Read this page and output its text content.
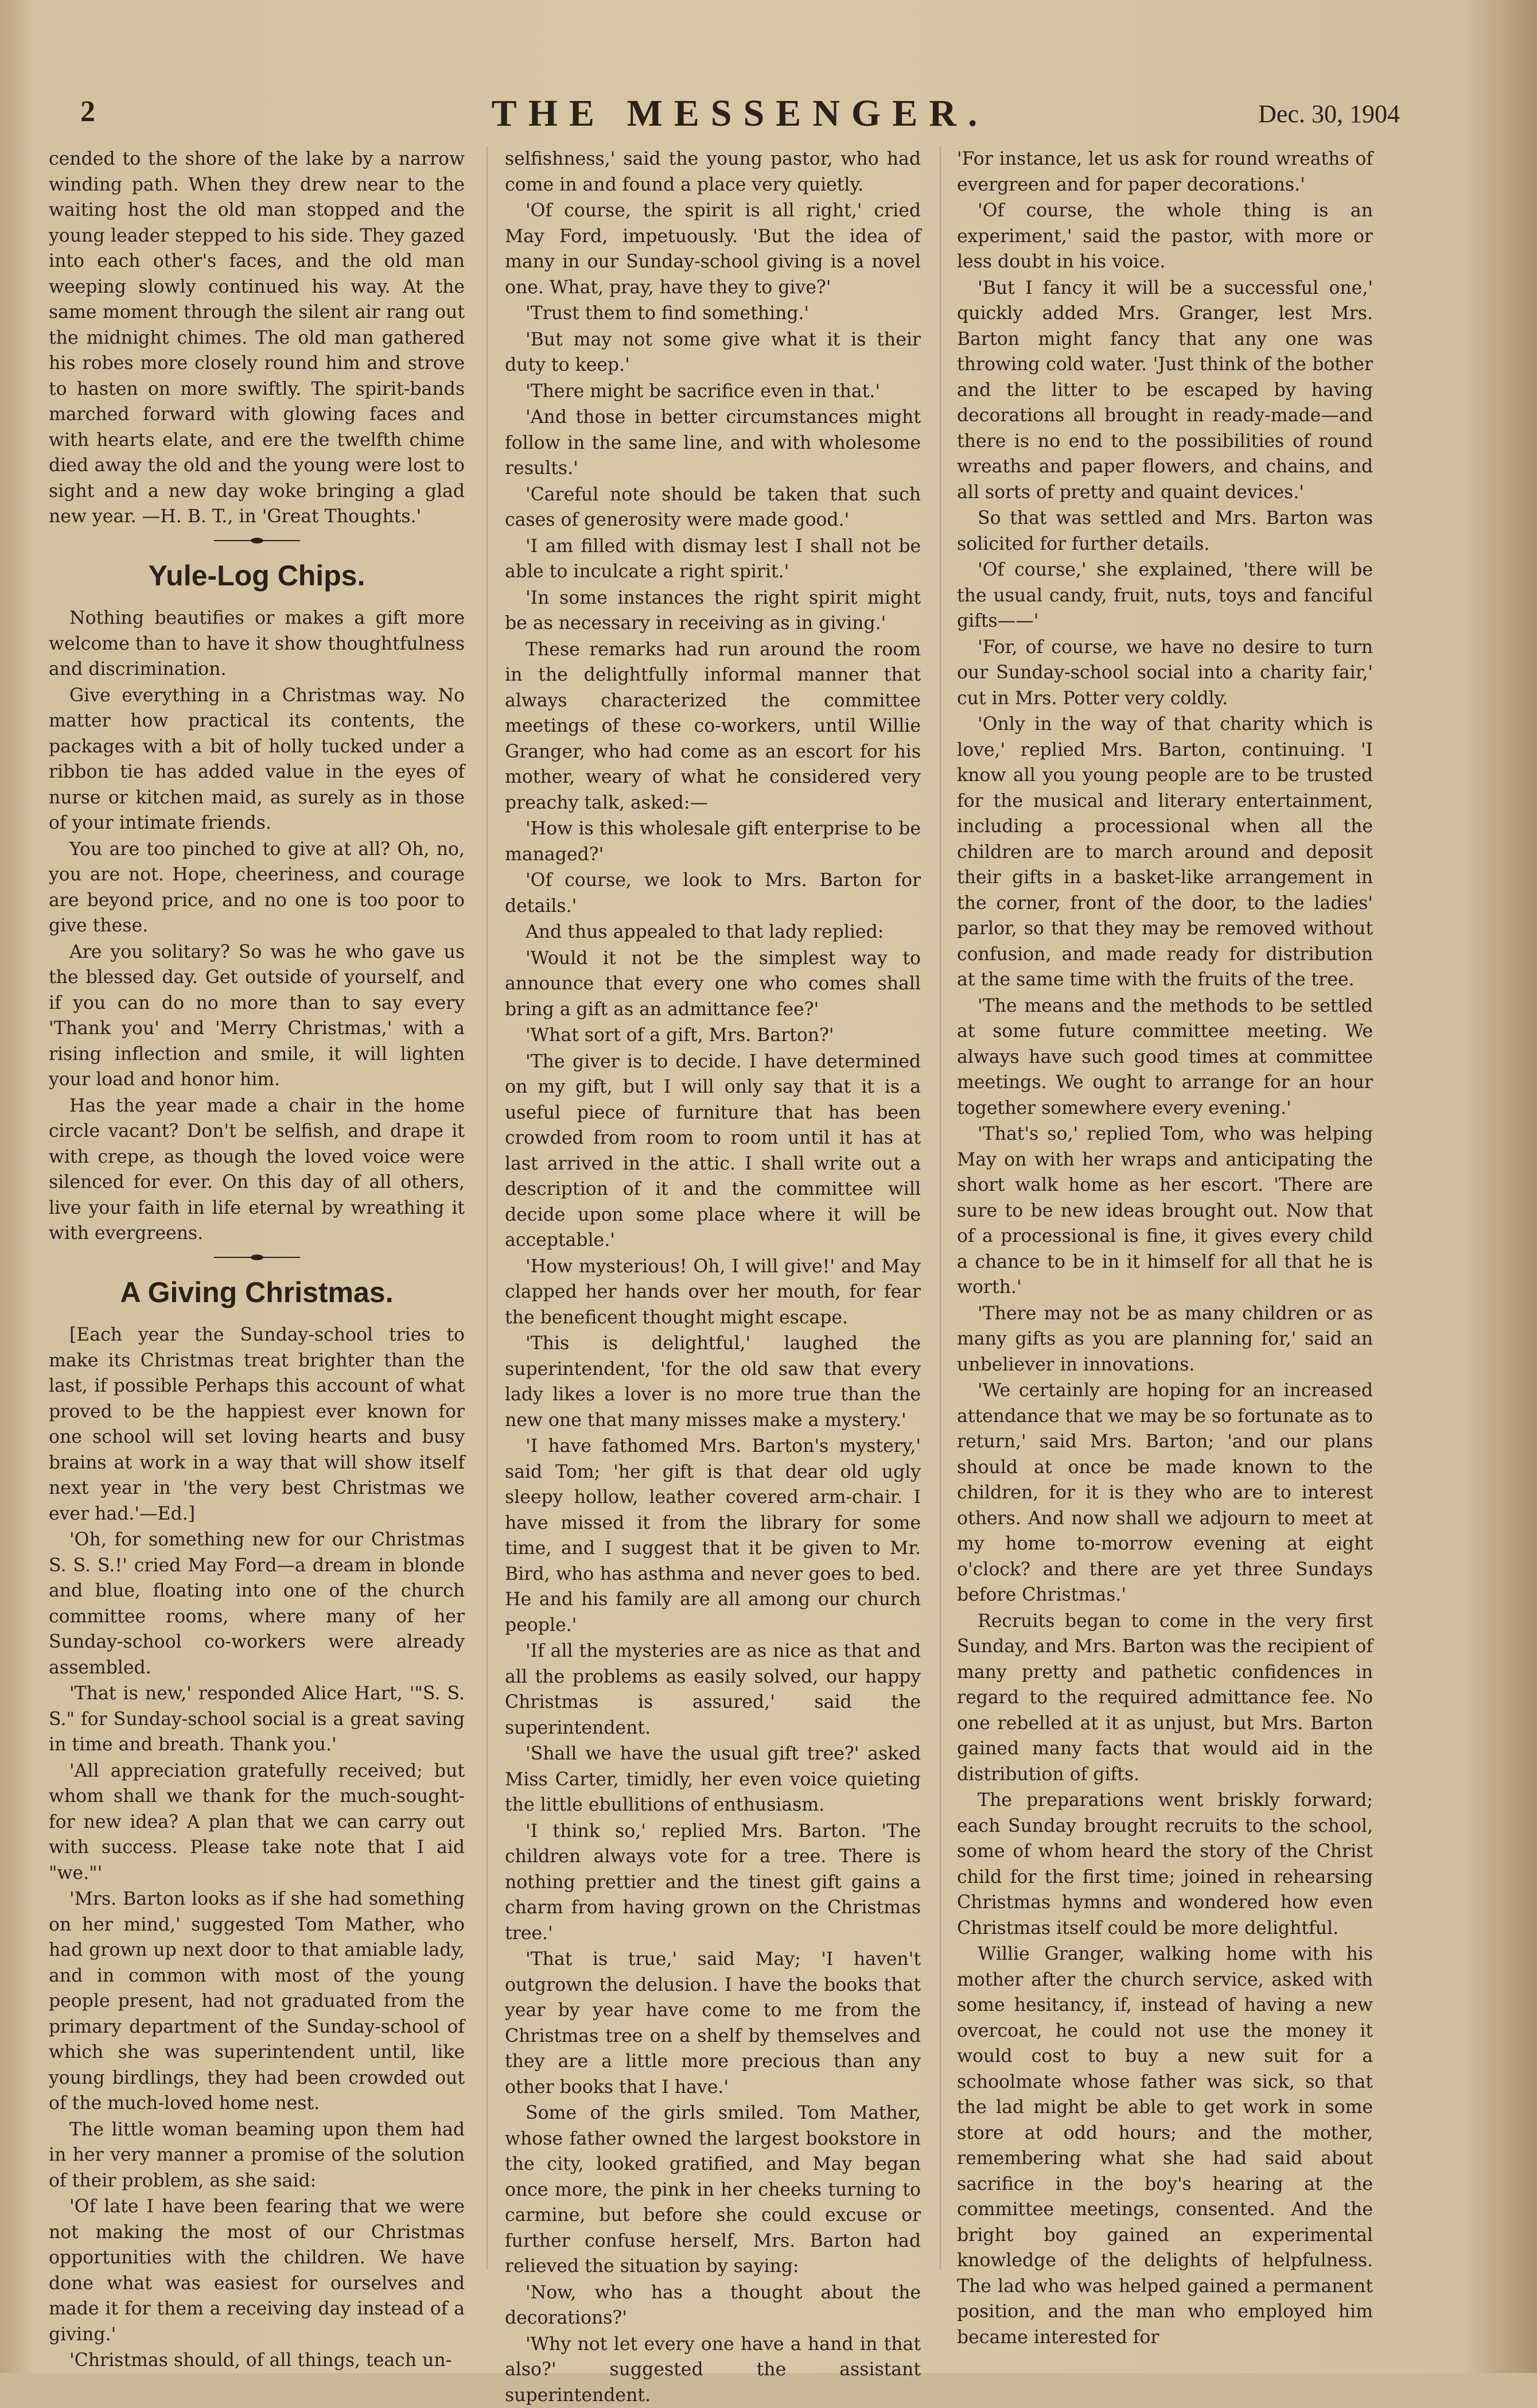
2	THE MESSENGER.	Dec. 30, 1904

cended to the shore of the lake by a narrow winding path. When they drew near to the waiting host the old man stopped and the young leader stepped to his side. They gazed into each other's faces, and the old man weeping slowly continued his way. At the same moment through the silent air rang out the midnight chimes. The old man gathered his robes more closely round him and strove to hasten on more swiftly. The spirit-bands marched forward with glowing faces and with hearts elate, and ere the twelfth chime died away the old and the young were lost to sight and a new day woke bringing a glad new year. —H. B. T., in 'Great Thoughts.'

Yule-Log Chips.

Nothing beautifies or makes a gift more welcome than to have it show thoughtfulness and discrimination.

Give everything in a Christmas way. No matter how practical its contents, the packages with a bit of holly tucked under a ribbon tie has added value in the eyes of nurse or kitchen maid, as surely as in those of your intimate friends.

You are too pinched to give at all? Oh, no, you are not. Hope, cheeriness, and courage are beyond price, and no one is too poor to give these.

Are you solitary? So was he who gave us the blessed day. Get outside of yourself, and if you can do no more than to say every 'Thank you' and 'Merry Christmas,' with a rising inflection and smile, it will lighten your load and honor him.

Has the year made a chair in the home circle vacant? Don't be selfish, and drape it with crepe, as though the loved voice were silenced for ever. On this day of all others, live your faith in life eternal by wreathing it with evergreens.

A Giving Christmas.

[Each year the Sunday-school tries to make its Christmas treat brighter than the last, if possible Perhaps this account of what proved to be the happiest ever known for one school will set loving hearts and busy brains at work in a way that will show itself next year in 'the very best Christmas we ever had.'—Ed.]

'Oh, for something new for our Christmas S. S. S.!' cried May Ford—a dream in blonde and blue, floating into one of the church committee rooms, where many of her Sunday-school co-workers were already assembled.

'That is new,' responded Alice Hart, '"S. S. S." for Sunday-school social is a great saving in time and breath. Thank you.'

'All appreciation gratefully received; but whom shall we thank for the much-sought-for new idea? A plan that we can carry out with success. Please take note that I aid "we."'

'Mrs. Barton looks as if she had something on her mind,' suggested Tom Mather, who had grown up next door to that amiable lady, and in common with most of the young people present, had not graduated from the primary department of the Sunday-school of which she was superintendent until, like young birdlings, they had been crowded out of the much-loved home nest.

The little woman beaming upon them had in her very manner a promise of the solution of their problem, as she said:

'Of late I have been fearing that we were not making the most of our Christmas opportunities with the children. We have done what was easiest for ourselves and made it for them a receiving day instead of a giving.'

'Christmas should, of all things, teach un-

selfishness,' said the young pastor, who had come in and found a place very quietly.

'Of course, the spirit is all right,' cried May Ford, impetuously. 'But the idea of many in our Sunday-school giving is a novel one. What, pray, have they to give?'

'Trust them to find something.'

'But may not some give what it is their duty to keep.'

'There might be sacrifice even in that.'

'And those in better circumstances might follow in the same line, and with wholesome results.'

'Careful note should be taken that such cases of generosity were made good.'

'I am filled with dismay lest I shall not be able to inculcate a right spirit.'

'In some instances the right spirit might be as necessary in receiving as in giving.'

These remarks had run around the room in the delightfully informal manner that always characterized the committee meetings of these co-workers, until Willie Granger, who had come as an escort for his mother, weary of what he considered very preachy talk, asked:—

'How is this wholesale gift enterprise to be managed?'

'Of course, we look to Mrs. Barton for details.'

And thus appealed to that lady replied:

'Would it not be the simplest way to announce that every one who comes shall bring a gift as an admittance fee?'

'What sort of a gift, Mrs. Barton?'

'The giver is to decide. I have determined on my gift, but I will only say that it is a useful piece of furniture that has been crowded from room to room until it has at last arrived in the attic. I shall write out a description of it and the committee will decide upon some place where it will be acceptable.'

'How mysterious! Oh, I will give!' and May clapped her hands over her mouth, for fear the beneficent thought might escape.

'This is delightful,' laughed the superintendent, 'for the old saw that every lady likes a lover is no more true than the new one that many misses make a mystery.'

'I have fathomed Mrs. Barton's mystery,' said Tom; 'her gift is that dear old ugly sleepy hollow, leather covered arm-chair. I have missed it from the library for some time, and I suggest that it be given to Mr. Bird, who has asthma and never goes to bed. He and his family are all among our church people.'

'If all the mysteries are as nice as that and all the problems as easily solved, our happy Christmas is assured,' said the superintendent.

'Shall we have the usual gift tree?' asked Miss Carter, timidly, her even voice quieting the little ebullitions of enthusiasm.

'I think so,' replied Mrs. Barton. 'The children always vote for a tree. There is nothing prettier and the tinest gift gains a charm from having grown on the Christmas tree.'

'That is true,' said May; 'I haven't outgrown the delusion. I have the books that year by year have come to me from the Christmas tree on a shelf by themselves and they are a little more precious than any other books that I have.'

Some of the girls smiled. Tom Mather, whose father owned the largest bookstore in the city, looked gratified, and May began once more, the pink in her cheeks turning to carmine, but before she could excuse or further confuse herself, Mrs. Barton had relieved the situation by saying:

'Now, who has a thought about the decorations?'

'Why not let every one have a hand in that also?' suggested the assistant superintendent.

'For instance, let us ask for round wreaths of evergreen and for paper decorations.'

'Of course, the whole thing is an experiment,' said the pastor, with more or less doubt in his voice.

'But I fancy it will be a successful one,' quickly added Mrs. Granger, lest Mrs. Barton might fancy that any one was throwing cold water. 'Just think of the bother and the litter to be escaped by having decorations all brought in ready-made—and there is no end to the possibilities of round wreaths and paper flowers, and chains, and all sorts of pretty and quaint devices.'

So that was settled and Mrs. Barton was solicited for further details.

'Of course,' she explained, 'there will be the usual candy, fruit, nuts, toys and fanciful gifts——'

'For, of course, we have no desire to turn our Sunday-school social into a charity fair,' cut in Mrs. Potter very coldly.

'Only in the way of that charity which is love,' replied Mrs. Barton, continuing. 'I know all you young people are to be trusted for the musical and literary entertainment, including a processional when all the children are to march around and deposit their gifts in a basket-like arrangement in the corner, front of the door, to the ladies' parlor, so that they may be removed without confusion, and made ready for distribution at the same time with the fruits of the tree.

'The means and the methods to be settled at some future committee meeting. We always have such good times at committee meetings. We ought to arrange for an hour together somewhere every evening.'

'That's so,' replied Tom, who was helping May on with her wraps and anticipating the short walk home as her escort. 'There are sure to be new ideas brought out. Now that of a processional is fine, it gives every child a chance to be in it himself for all that he is worth.'

'There may not be as many children or as many gifts as you are planning for,' said an unbeliever in innovations.

'We certainly are hoping for an increased attendance that we may be so fortunate as to return,' said Mrs. Barton; 'and our plans should at once be made known to the children, for it is they who are to interest others. And now shall we adjourn to meet at my home to-morrow evening at eight o'clock? and there are yet three Sundays before Christmas.'

Recruits began to come in the very first Sunday, and Mrs. Barton was the recipient of many pretty and pathetic confidences in regard to the required admittance fee. No one rebelled at it as unjust, but Mrs. Barton gained many facts that would aid in the distribution of gifts.

The preparations went briskly forward; each Sunday brought recruits to the school, some of whom heard the story of the Christ child for the first time; joined in rehearsing Christmas hymns and wondered how even Christmas itself could be more delightful.

Willie Granger, walking home with his mother after the church service, asked with some hesitancy, if, instead of having a new overcoat, he could not use the money it would cost to buy a new suit for a schoolmate whose father was sick, so that the lad might be able to get work in some store at odd hours; and the mother, remembering what she had said about sacrifice in the boy's hearing at the committee meetings, consented. And the bright boy gained an experimental knowledge of the delights of helpfulness. The lad who was helped gained a permanent position, and the man who employed him became interested for
